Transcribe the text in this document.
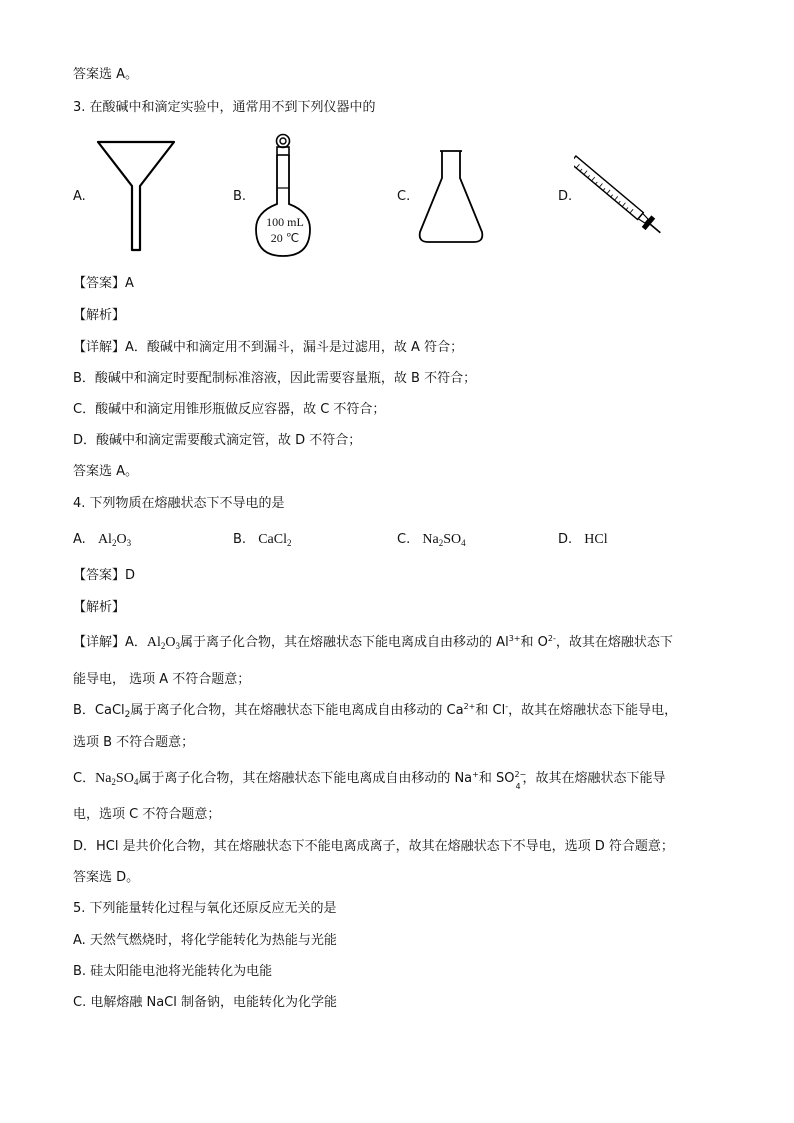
答案选 A。
3. 在酸碱中和滴定实验中，通常用不到下列仪器中的
A.	B.
100 mL
20 ℃
C.	D.
【答案】A
【解析】
【详解】A．酸碱中和滴定用不到漏斗，漏斗是过滤用，故 A 符合；
B．酸碱中和滴定时要配制标准溶液，因此需要容量瓶，故 B 不符合；
C．酸碱中和滴定用锥形瓶做反应容器，故 C 不符合；
D．酸碱中和滴定需要酸式滴定管，故 D 不符合；
答案选 A。
4. 下列物质在熔融状态下不导电的是
A. $Al_2O_3$	B. CaCl$_2$	C. $Na_2SO_4$	D. HCl
【答案】D
【解析】
【详解】A．$Al_2O_3$属于离子化合物，其在熔融状态下能电离成自由移动的 $Al^{3+}$和 $O^{2-}$，故其在熔融状态下
能导电， 选项 A 不符合题意；
B．CaCl$_2$属于离子化合物，其在熔融状态下能电离成自由移动的 $Ca^{2+}$和 Cl-，故其在熔融状态下能导电，
选项 B 不符合题意；
C．$Na_2SO_4$属于离子化合物，其在熔融状态下能电离成自由移动的 Na+和 SO 2−
4
，故其在熔融状态下能导
电，选项 C 不符合题意；
D．HCl 是共价化合物，其在熔融状态下不能电离成离子，故其在熔融状态下不导电，选项 D 符合题意；
答案选 D。
5. 下列能量转化过程与氧化还原反应无关的是
A. 天然气燃烧时，将化学能转化为热能与光能
B. 硅太阳能电池将光能转化为电能
C. 电解熔融 NaCl 制备钠，电能转化为化学能
